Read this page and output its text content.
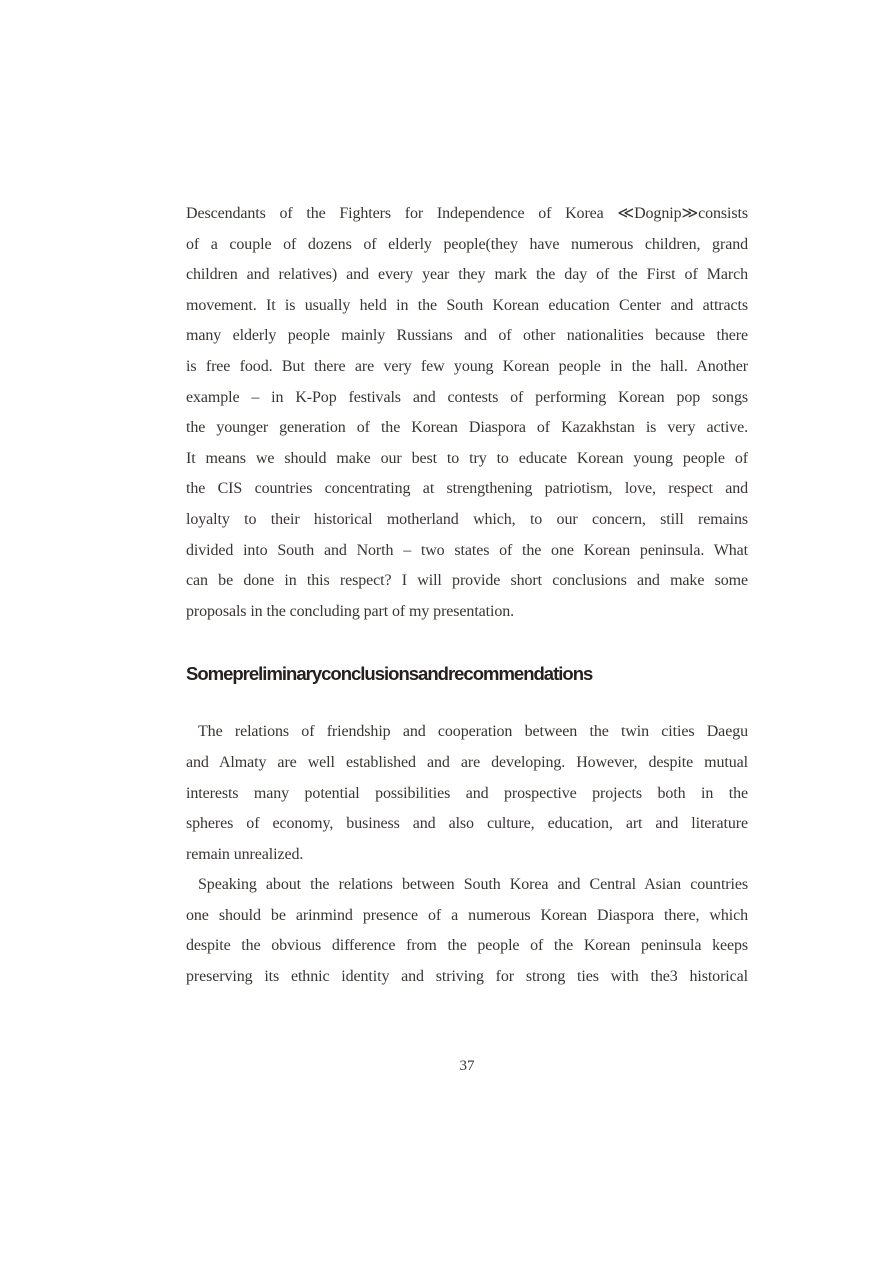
Descendants of the Fighters for Independence of Korea ≪Dognip≫consists
of a couple of dozens of elderly people(they have numerous children, grand
children and relatives) and every year they mark the day of the First of March
movement. It is usually held in the South Korean education Center and attracts
many elderly people mainly Russians and of other nationalities because there
is free food. But there are very few young Korean people in the hall. Another
example – in K-Pop festivals and contests of performing Korean pop songs
the younger generation of the Korean Diaspora of Kazakhstan is very active.
It means we should make our best to try to educate Korean young people of
the CIS countries concentrating at strengthening patriotism, love, respect and
loyalty to their historical motherland which, to our concern, still remains
divided into South and North – two states of the one Korean peninsula. What
can be done in this respect? I will provide short conclusions and make some
proposals in the concluding part of my presentation.
Somepreliminaryconclusionsandrecommendations
The relations of friendship and cooperation between the twin cities Daegu
and Almaty are well established and are developing. However, despite mutual
interests many potential possibilities and prospective projects both in the
spheres of economy, business and also culture, education, art and literature
remain unrealized.
Speaking about the relations between South Korea and Central Asian countries
one should be arinmind presence of a numerous Korean Diaspora there, which
despite the obvious difference from the people of the Korean peninsula keeps
preserving its ethnic identity and striving for strong ties with the3 historical
37
